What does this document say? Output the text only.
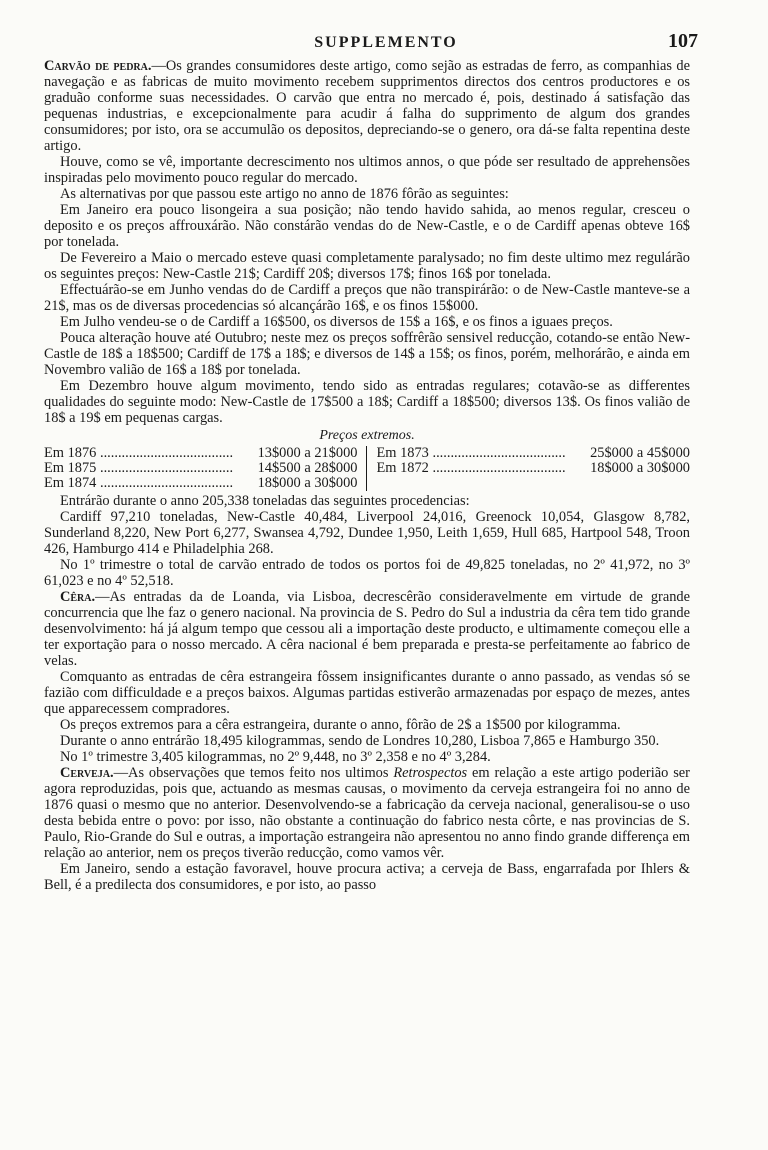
SUPPLEMENTO	107

Carvão de pedra.—Os grandes consumidores deste artigo, como sejão as estradas de ferro, as companhias de navegação e as fabricas de muito movimento recebem supprimentos directos dos centros productores e os graduão conforme suas necessidades. O carvão que entra no mercado é, pois, destinado á satisfação das pequenas industrias, e excepcionalmente para acudir á falha do supprimento de algum dos grandes consumidores; por isto, ora se accumulão os depositos, depreciando-se o genero, ora dá-se falta repentina deste artigo.

Houve, como se vê, importante decrescimento nos ultimos annos, o que póde ser resultado de apprehensões inspiradas pelo movimento pouco regular do mercado.

As alternativas por que passou este artigo no anno de 1876 fôrão as seguintes:

Em Janeiro era pouco lisongeira a sua posição; não tendo havido sahida, ao menos regular, cresceu o deposito e os preços affrouxárão. Não constárão vendas do de New-Castle, e o de Cardiff apenas obteve 16$ por tonelada.

De Fevereiro a Maio o mercado esteve quasi completamente paralysado; no fim deste ultimo mez regulárão os seguintes preços: New-Castle 21$; Cardiff 20$; diversos 17$; finos 16$ por tonelada.

Effectuárão-se em Junho vendas do de Cardiff a preços que não transpirárão: o de New-Castle manteve-se a 21$, mas os de diversas procedencias só alcançárão 16$, e os finos 15$000.

Em Julho vendeu-se o de Cardiff a 16$500, os diversos de 15$ a 16$, e os finos a iguaes preços.

Pouca alteração houve até Outubro; neste mez os preços soffrêrão sensivel reducção, cotando-se então New-Castle de 18$ a 18$500; Cardiff de 17$ a 18$; e diversos de 14$ a 15$; os finos, porém, melhorárão, e ainda em Novembro valião de 16$ a 18$ por tonelada.

Em Dezembro houve algum movimento, tendo sido as entradas regulares; cotavão-se as differentes qualidades do seguinte modo: New-Castle de 17$500 a 18$; Cardiff a 18$500; diversos 13$. Os finos valião de 18$ a 19$ em pequenas cargas.

Preços extremos.
Em 1876 .....	13$000 a 21$000
Em 1875 .....	14$500 a 28$000
Em 1874 .....	18$000 a 30$000
Em 1873 .....	25$000 a 45$000
Em 1872 .....	18$000 a 30$000

Entrárão durante o anno 205,338 toneladas das seguintes procedencias:

Cardiff 97,210 toneladas, New-Castle 40,484, Liverpool 24,016, Greenock 10,054, Glasgow 8,782, Sunderland 8,220, New Port 6,277, Swansea 4,792, Dundee 1,950, Leith 1,659, Hull 685, Hartpool 548, Troon 426, Hamburgo 414 e Philadelphia 268.

No 1º trimestre o total de carvão entrado de todos os portos foi de 49,825 toneladas, no 2º 41,972, no 3º 61,023 e no 4º 52,518.

Cêra.—As entradas da de Loanda, via Lisboa, decrescêrão consideravelmente em virtude de grande concurrencia que lhe faz o genero nacional. Na provincia de S. Pedro do Sul a industria da cêra tem tido grande desenvolvimento: há já algum tempo que cessou ali a importação deste producto, e ultimamente começou elle a ter exportação para o nosso mercado. A cêra nacional é bem preparada e presta-se perfeitamente ao fabrico de velas.

Comquanto as entradas de cêra estrangeira fôssem insignificantes durante o anno passado, as vendas só se fazião com difficuldade e a preços baixos. Algumas partidas estiverão armazenadas por espaço de mezes, antes que apparecessem compradores.

Os preços extremos para a cêra estrangeira, durante o anno, fôrão de 2$ a 1$500 por kilogramma.

Durante o anno entrárão 18,495 kilogrammas, sendo de Londres 10,280, Lisboa 7,865 e Hamburgo 350.

No 1º trimestre 3,405 kilogrammas, no 2º 9,448, no 3º 2,358 e no 4º 3,284.

Cerveja.—As observações que temos feito nos ultimos Retrospectos em relação a este artigo poderião ser agora reproduzidas, pois que, actuando as mesmas causas, o movimento da cerveja estrangeira foi no anno de 1876 quasi o mesmo que no anterior. Desenvolvendo-se a fabricação da cerveja nacional, generalisou-se o uso desta bebida entre o povo: por isso, não obstante a continuação do fabrico nesta côrte, e nas provincias de S. Paulo, Rio-Grande do Sul e outras, a importação estrangeira não apresentou no anno findo grande differença em relação ao anterior, nem os preços tiverão reducção, como vamos vêr.

Em Janeiro, sendo a estação favoravel, houve procura activa; a cerveja de Bass, engarrafada por Ihlers & Bell, é a predilecta dos consumidores, e por isto, ao passo
